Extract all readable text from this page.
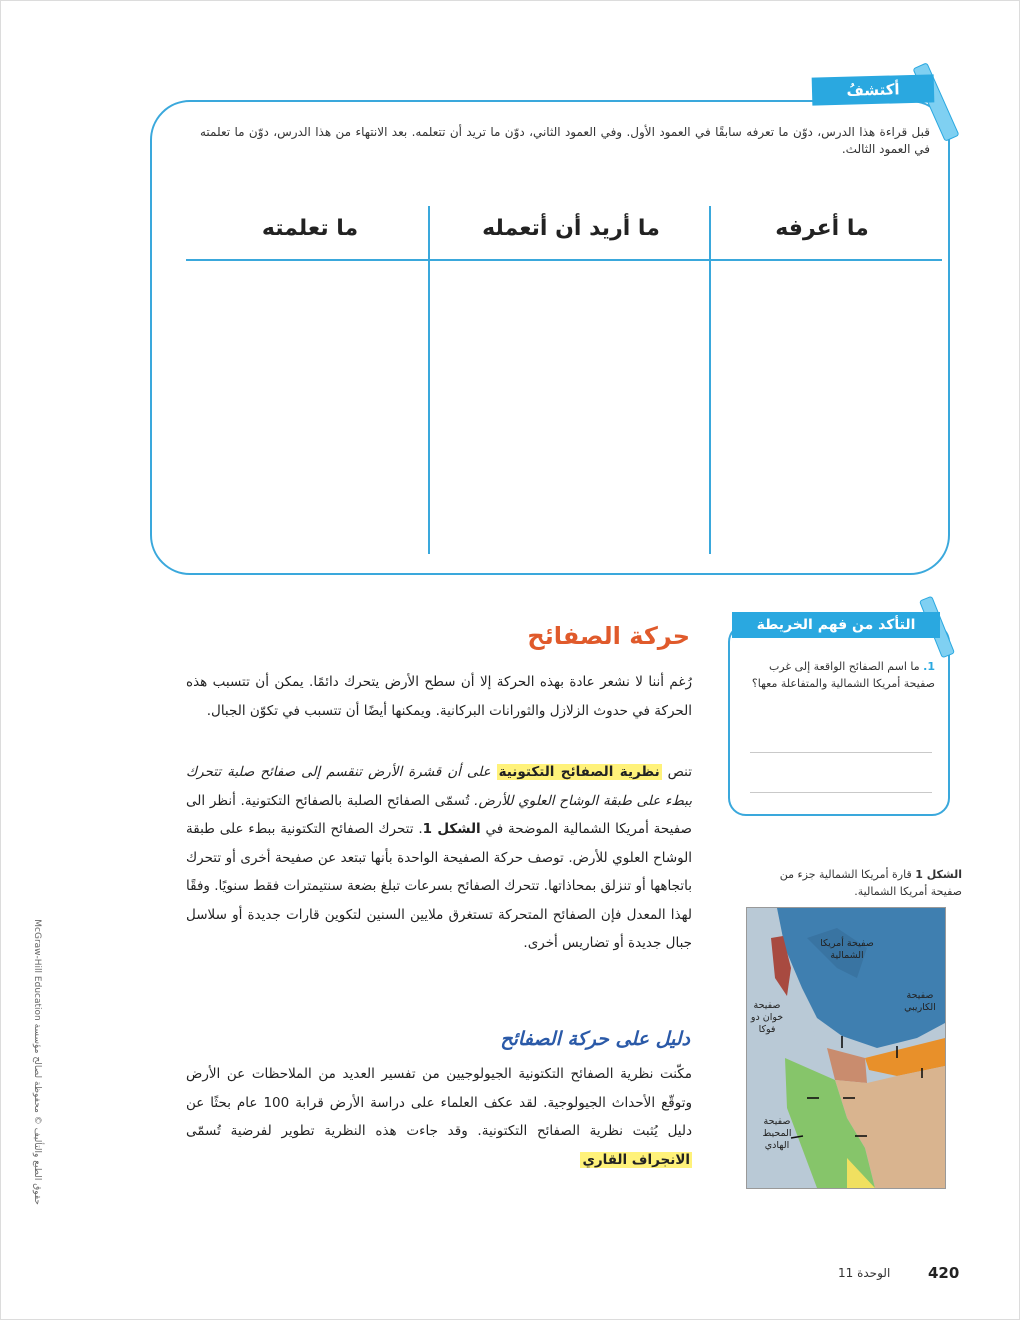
أكتشفُ
قبل قراءة هذا الدرس، دوّن ما تعرفه سابقًا في العمود الأول. وفي العمود الثاني، دوّن ما تريد أن تتعلمه. بعد الانتهاء من هذا الدرس، دوّن ما تعلمته في العمود الثالث.
ما أعرفه
ما أريد أن أتعمله
ما تعلمته
التأكد من فهم الخريطة
1. ما اسم الصفائح الواقعة إلى غرب صفيحة أمريكا الشمالية والمتفاعلة معها؟
حركة الصفائح
رُغم أننا لا نشعر عادة بهذه الحركة إلا أن سطح الأرض يتحرك دائمًا. يمكن أن تتسبب هذه الحركة في حدوث الزلازل والثورانات البركانية. ويمكنها أيضًا أن تتسبب في تكوّن الجبال.
تنص نظرية الصفائح التكتونية على أن قشرة الأرض تنقسم إلى صفائح صلبة تتحرك ببطء على طبقة الوشاح العلوي للأرض. تُسمّى الصفائح الصلبة بالصفائح التكتونية. أنظر الى صفيحة أمريكا الشمالية الموضحة في الشكل 1. تتحرك الصفائح التكتونية ببطء على طبقة الوشاح العلوي للأرض. توصف حركة الصفيحة الواحدة بأنها تبتعد عن صفيحة أخرى أو تتحرك باتجاهها أو تنزلق بمحاذاتها. تتحرك الصفائح بسرعات تبلغ بضعة سنتيمترات فقط سنويًا. وفقًا لهذا المعدل فإن الصفائح المتحركة تستغرق ملايين السنين لتكوين قارات جديدة أو سلاسل جبال جديدة أو تضاريس أخرى.
دليل على حركة الصفائح
مكّنت نظرية الصفائح التكتونية الجيولوجيين من تفسير العديد من الملاحظات عن الأرض وتوقّع الأحداث الجيولوجية. لقد عكف العلماء على دراسة الأرض قرابة 100 عام بحثًا عن دليل يُثبت نظرية الصفائح التكتونية. وقد جاءت هذه النظرية تطوير لفرضية تُسمّى الانجراف القاري
الشكل 1 قارة أمريكا الشمالية جزء من صفيحة أمريكا الشمالية.
صفيحة أمريكا الشمالية
صفيحة الكاريبي
صفيحة خوان دو فوكا
صفيحة المحيط الهادي
حقوق الطبع والتأليف © محفوظة لصالح مؤسسة McGraw-Hill Education
420
الوحدة 11
